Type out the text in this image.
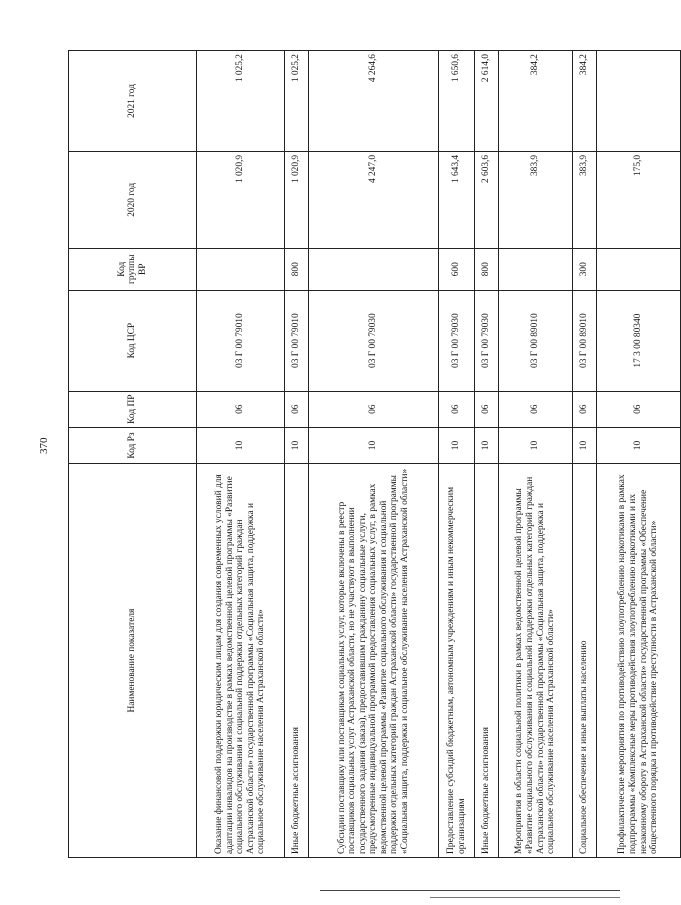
370
Наименование показателя	Код Рз	Код ПР	Код ЦСР	Код группы ВР	2020 год	2021 год
Оказание финансовой поддержки юридическим лицам для создания современных условий для адаптации инвалидов на производстве в рамках ведомственной целевой программы «Развитие социального обслуживания и социальной поддержки отдельных категорий граждан Астраханской области» государственной программы «Социальная защита, поддержка и социальное обслуживание населения Астраханской области»	10	06	03 Г 00 79010		1 020,9	1 025,2
Иные бюджетные ассигнования	10	06	03 Г 00 79010	800	1 020,9	1 025,2
Субсидии поставщику или поставщикам социальных услуг, которые включены в реестр поставщиков социальных услуг Астраханской области, но не участвуют в выполнении государственного задания (заказа), предоставившим гражданину социальные услуги, предусмотренные индивидуальной программой предоставления социальных услуг, в рамках ведомственной целевой программы «Развитие социального обслуживания и социальной поддержки отдельных категорий граждан Астраханской области» государственной программы «Социальная защита, поддержка и социальное обслуживание населения Астраханской области»	10	06	03 Г 00 79030		4 247,0	4 264,6
Предоставление субсидий бюджетным, автономным учреждениям и иным некоммерческим организациям	10	06	03 Г 00 79030	600	1 643,4	1 650,6
Иные бюджетные ассигнования	10	06	03 Г 00 79030	800	2 603,6	2 614,0
Мероприятия в области социальной политики в рамках ведомственной целевой программы «Развитие социального обслуживания и социальной поддержки отдельных категорий граждан Астраханской области» государственной программы «Социальная защита, поддержка и социальное обслуживание населения Астраханской области»	10	06	03 Г 00 89010		383,9	384,2
Социальное обеспечение и иные выплаты населению	10	06	03 Г 00 89010	300	383,9	384,2
Профилактические мероприятия по противодействию злоупотреблению наркотиками в рамках подпрограммы «Комплексные меры противодействия злоупотреблению наркотиками и их незаконному обороту в Астраханской области» государственной программы «Обеспечение общественного порядка и противодействие преступности в Астраханской области»	10	06	17 3 00 80340		175,0	
